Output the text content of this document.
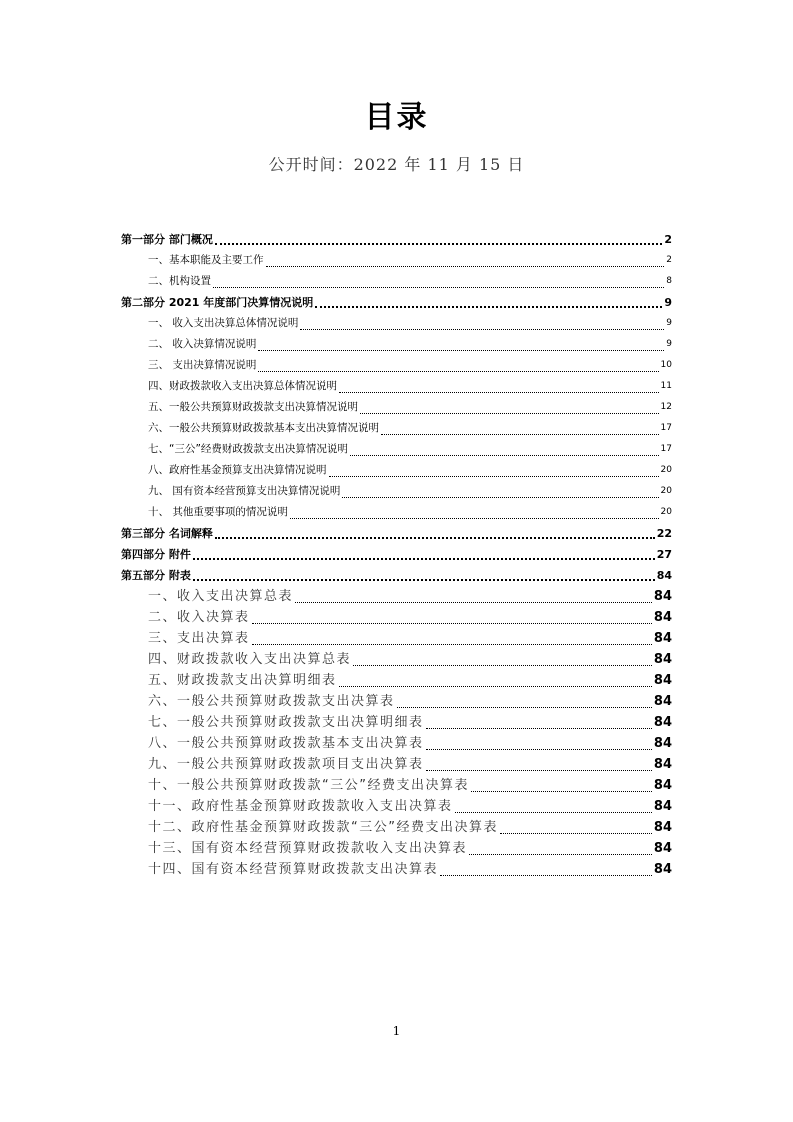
目录
公开时间：2022 年 11 月 15 日
第一部分 部门概况	2
一、基本职能及主要工作	2
二、机构设置	8
第二部分 2021 年度部门决算情况说明	9
一、 收入支出决算总体情况说明	9
二、 收入决算情况说明	9
三、 支出决算情况说明	10
四、财政拨款收入支出决算总体情况说明	11
五、一般公共预算财政拨款支出决算情况说明	12
六、一般公共预算财政拨款基本支出决算情况说明	17
七、“三公”经费财政拨款支出决算情况说明	17
八、政府性基金预算支出决算情况说明	20
九、 国有资本经营预算支出决算情况说明	20
十、 其他重要事项的情况说明	20
第三部分 名词解释	22
第四部分 附件	27
第五部分 附表	84
一、收入支出决算总表	84
二、收入决算表	84
三、支出决算表	84
四、财政拨款收入支出决算总表	84
五、财政拨款支出决算明细表	84
六、一般公共预算财政拨款支出决算表	84
七、一般公共预算财政拨款支出决算明细表	84
八、一般公共预算财政拨款基本支出决算表	84
九、一般公共预算财政拨款项目支出决算表	84
十、一般公共预算财政拨款“三公”经费支出决算表	84
十一、政府性基金预算财政拨款收入支出决算表	84
十二、政府性基金预算财政拨款“三公”经费支出决算表	84
十三、国有资本经营预算财政拨款收入支出决算表	84
十四、国有资本经营预算财政拨款支出决算表	84
1
